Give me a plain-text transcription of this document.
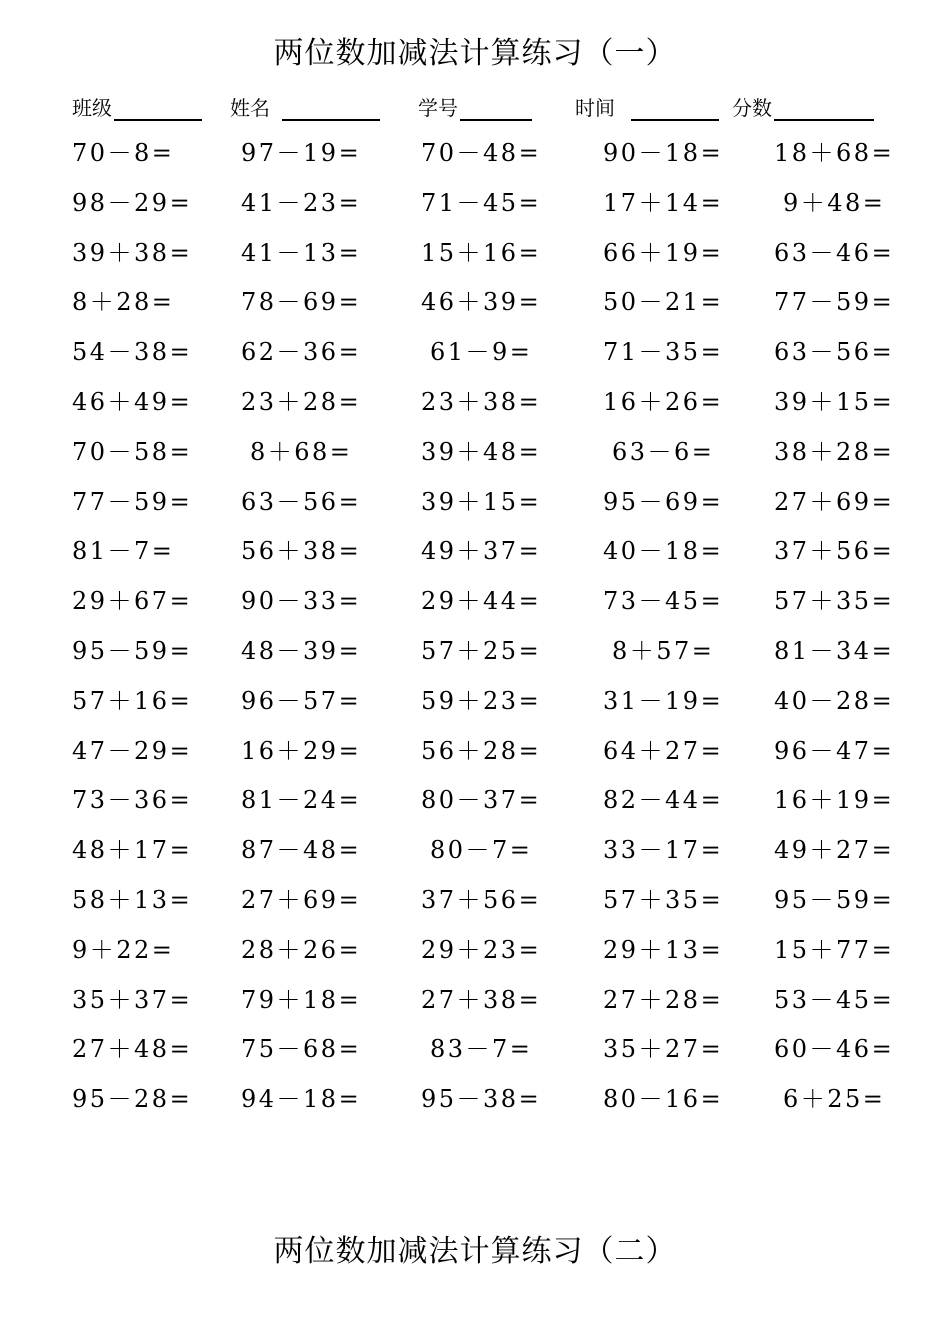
两位数加减法计算练习（一）
班级	姓名	学号	时间	分数
70－8=	97－19= 70－48=	90－18= 18＋68=
98－29= 41－23= 71－45=	17＋14= 9＋48=
39＋38= 41－13= 15＋16=	66＋19= 63－46=
8＋28=	78－69= 46＋39=	50－21= 77－59=
54－38= 62－36=	61－9=	71－35= 63－56=
46＋49= 23＋28= 23＋38=	16＋26= 39＋15=
70－58= 8＋68=	39＋48=	63－6= 38＋28=
77－59= 63－56= 39＋15=	95－69= 27＋69=
81－7=	56＋38= 49＋37=	40－18= 37＋56=
29＋67= 90－33= 29＋44=	73－45= 57＋35=
95－59= 48－39= 57＋25=	8＋57= 81－34=
57＋16= 96－57= 59＋23=	31－19= 40－28=
47－29= 16＋29= 56＋28=	64＋27= 96－47=
73－36= 81－24= 80－37=	82－44= 16＋19=
48＋17= 87－48=	80－7=	33－17= 49＋27=
58＋13= 27＋69= 37＋56=	57＋35= 95－59=
9＋22=	28＋26= 29＋23=	29＋13= 15＋77=
35＋37= 79＋18= 27＋38=	27＋28= 53－45=
27＋48= 75－68=	83－7=	35＋27= 60－46=
95－28= 94－18= 95－38=	80－16= 6＋25=
两位数加减法计算练习（二）
